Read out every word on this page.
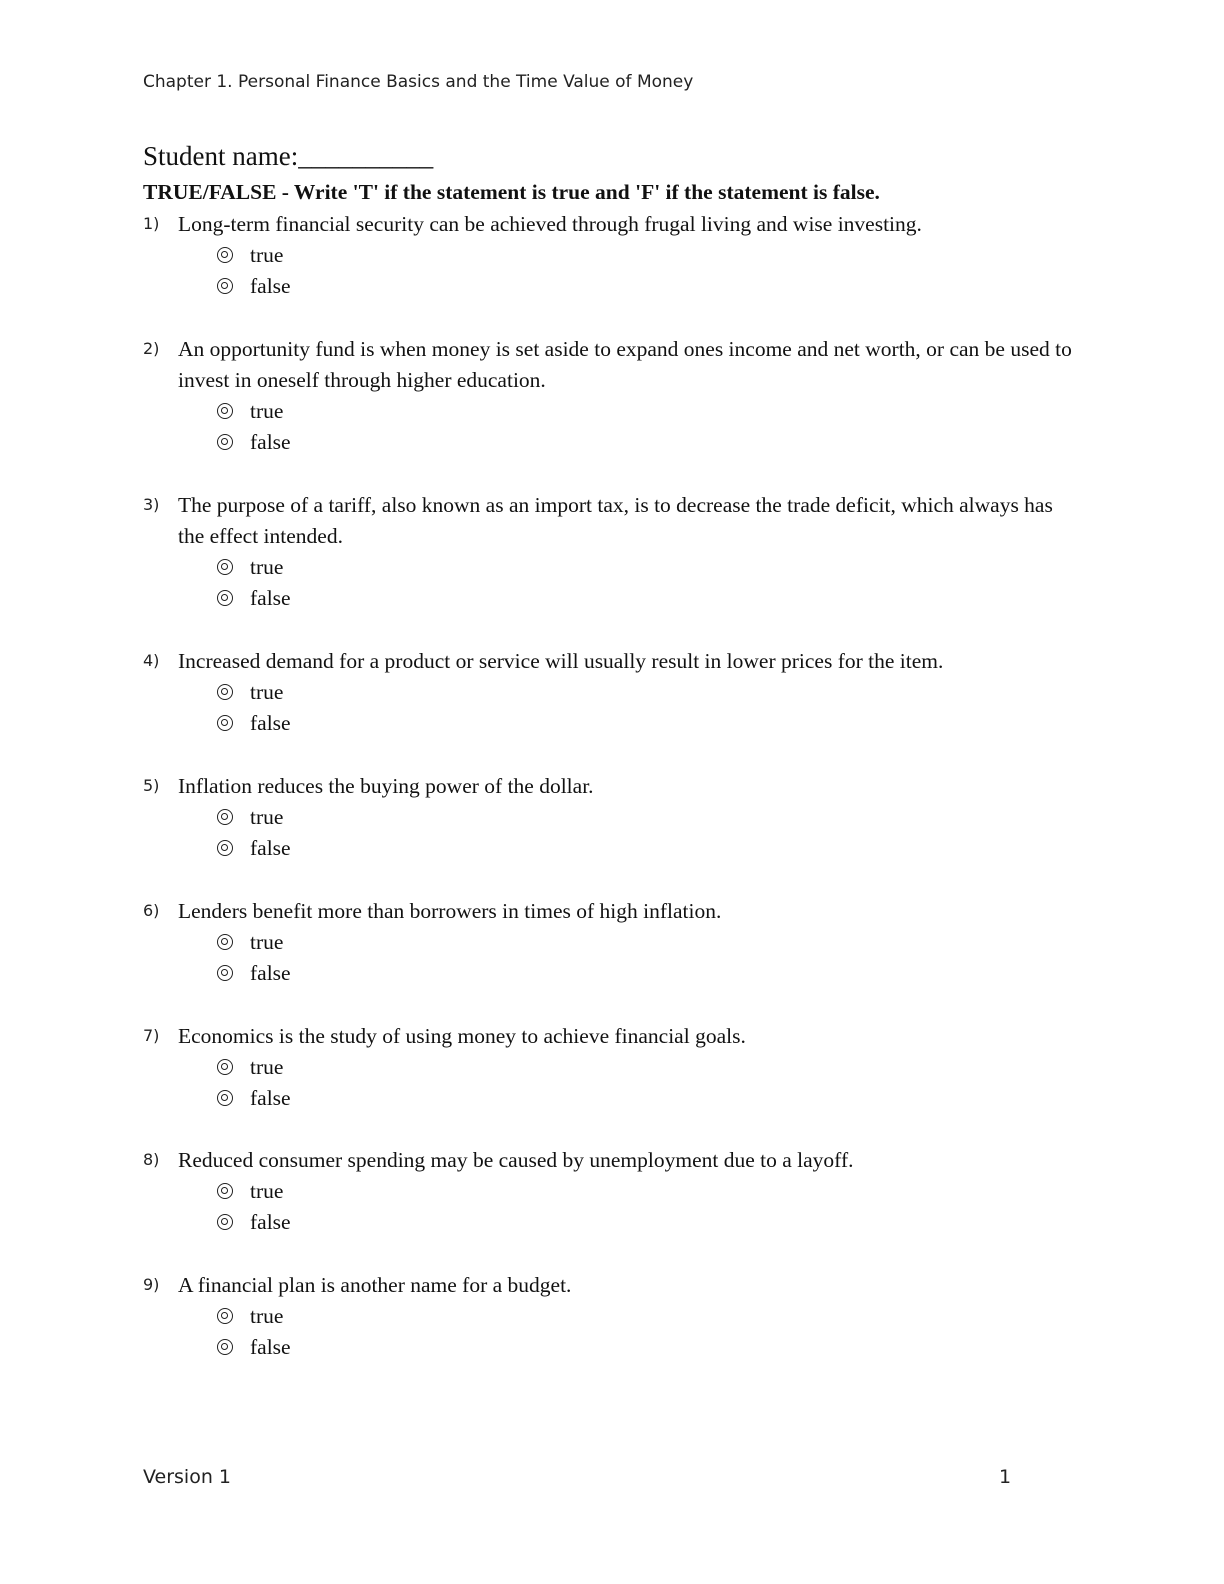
Chapter 1. Personal Finance Basics and the Time Value of Money
Student name:__________
TRUE/FALSE - Write 'T' if the statement is true and 'F' if the statement is false.
1) Long-term financial security can be achieved through frugal living and wise investing.
true
false
2) An opportunity fund is when money is set aside to expand ones income and net worth, or can be used to invest in oneself through higher education.
true
false
3) The purpose of a tariff, also known as an import tax, is to decrease the trade deficit, which always has the effect intended.
true
false
4) Increased demand for a product or service will usually result in lower prices for the item.
true
false
5) Inflation reduces the buying power of the dollar.
true
false
6) Lenders benefit more than borrowers in times of high inflation.
true
false
7) Economics is the study of using money to achieve financial goals.
true
false
8) Reduced consumer spending may be caused by unemployment due to a layoff.
true
false
9) A financial plan is another name for a budget.
true
false
Version 1	1
